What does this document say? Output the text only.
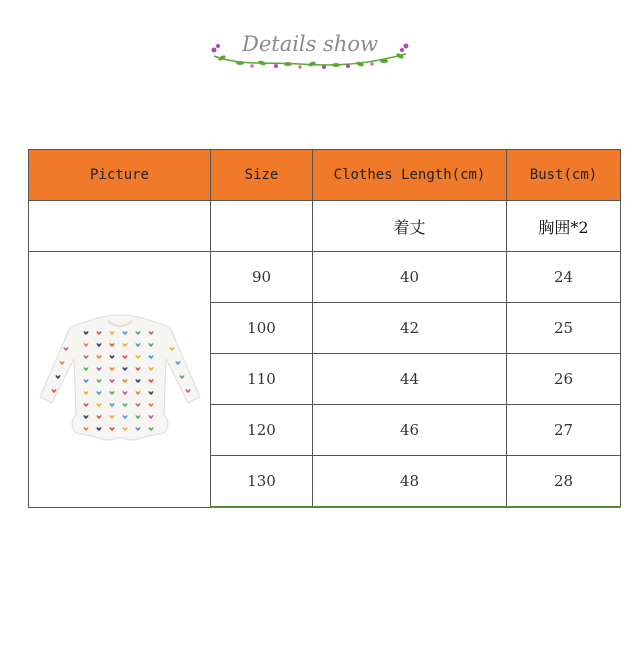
Details show
Picture	Size	Clothes Length(cm)	Bust(cm)
		着丈	胸囲*2
	90	40	24
	100	42	25
	110	44	26
	120	46	27
	130	48	28
